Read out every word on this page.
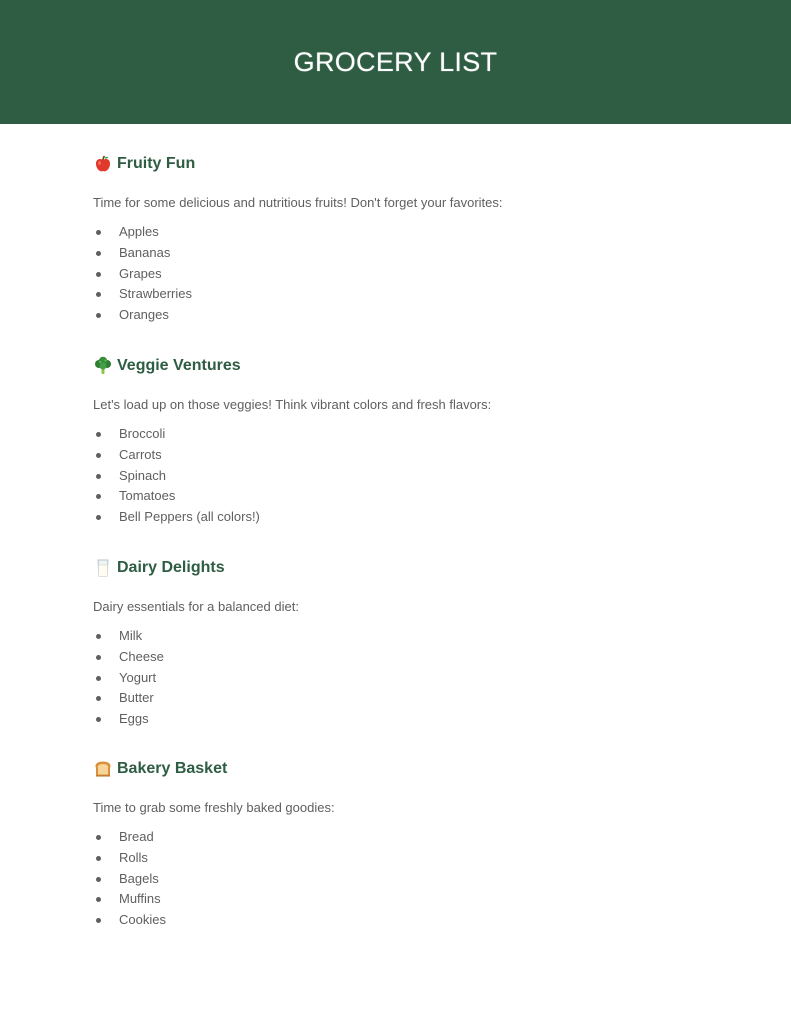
GROCERY LIST
Fruity Fun

Time for some delicious and nutritious fruits! Don't forget your favorites:

Apples
Bananas
Grapes
Strawberries
Oranges
Veggie Ventures

Let's load up on those veggies! Think vibrant colors and fresh flavors:

Broccoli
Carrots
Spinach
Tomatoes
Bell Peppers (all colors!)
Dairy Delights

Dairy essentials for a balanced diet:

Milk
Cheese
Yogurt
Butter
Eggs
Bakery Basket

Time to grab some freshly baked goodies:

Bread
Rolls
Bagels
Muffins
Cookies
